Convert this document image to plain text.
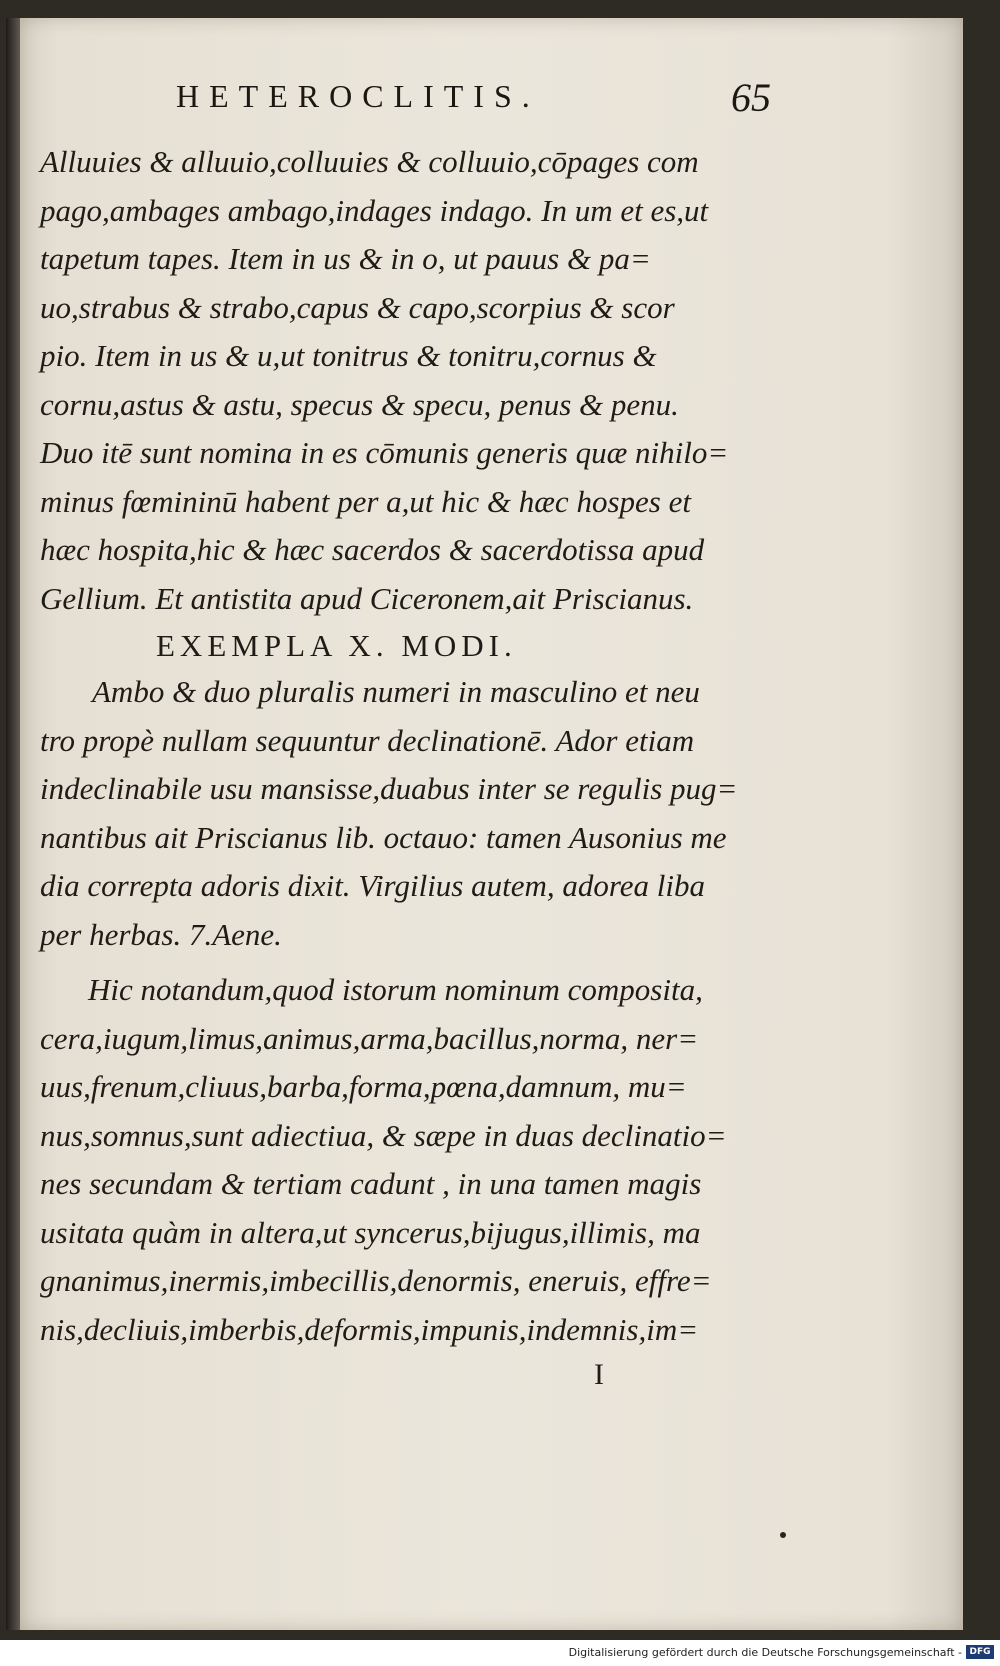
HETEROCLITIS.	65
Alluuies & alluuio,colluuies & colluuio,cōpages com
pago,ambages ambago,indages indago. In um et es,ut
tapetum tapes. Item in us & in o, ut pauus & pa=
uo,strabus & strabo,capus & capo,scorpius & scor
pio. Item in us & u,ut tonitrus & tonitru,cornus &
cornu,astus & astu, specus & specu, penus & penu.
Duo itē sunt nomina in es cōmunis generis quæ nihilo=
minus fœmininū habent per a,ut hic & hæc hospes et
hæc hospita,hic & hæc sacerdos & sacerdotissa apud
Gellium. Et antistita apud Ciceronem,ait Priscianus.
EXEMPLA X. MODI.
Ambo & duo pluralis numeri in masculino et neu
tro propè nullam sequuntur declinationē. Ador etiam
indeclinabile usu mansisse,duabus inter se regulis pug=
nantibus ait Priscianus lib. octauo: tamen Ausonius me
dia correpta adoris dixit. Virgilius autem, adorea liba
per herbas. 7.Aene.
Hic notandum,quod istorum nominum composita,
cera,iugum,limus,animus,arma,bacillus,norma, ner=
uus,frenum,cliuus,barba,forma,pœna,damnum, mu=
nus,somnus,sunt adiectiua, & sæpe in duas declinatio=
nes secundam & tertiam cadunt , in una tamen magis
usitata quàm in altera,ut syncerus,bijugus,illimis, ma
gnanimus,inermis,imbecillis,denormis, eneruis, effre=
nis,decliuis,imberbis,deformis,impunis,indemnis,im=
I
Digitalisierung gefördert durch die Deutsche Forschungsgemeinschaft - DFG
